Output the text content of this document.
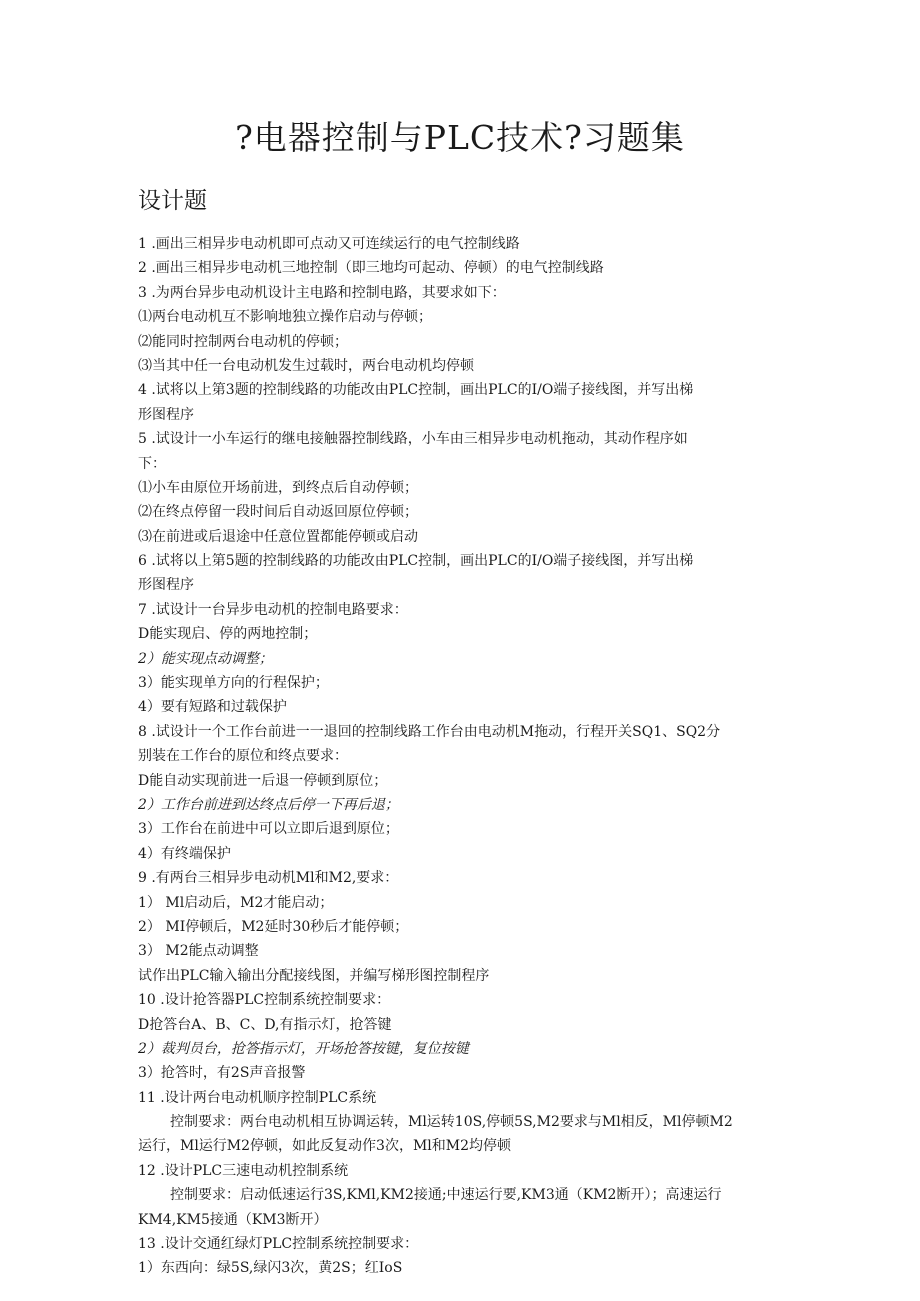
?电器控制与PLC技术?习题集
设计题
1 .画出三相异步电动机即可点动又可连续运行的电气控制线路
2 .画出三相异步电动机三地控制（即三地均可起动、停顿）的电气控制线路
3 .为两台异步电动机设计主电路和控制电路，其要求如下：
⑴两台电动机互不影响地独立操作启动与停顿；
⑵能同时控制两台电动机的停顿；
⑶当其中任一台电动机发生过载时，两台电动机均停顿
4 .试将以上第3题的控制线路的功能改由PLC控制，画出PLC的I/O端子接线图，并写出梯
形图程序
5 .试设计一小车运行的继电接触器控制线路，小车由三相异步电动机拖动，其动作程序如
下：
⑴小车由原位开场前进，到终点后自动停顿；
⑵在终点停留一段时间后自动返回原位停顿；
⑶在前进或后退途中任意位置都能停顿或启动
6 .试将以上第5题的控制线路的功能改由PLC控制，画出PLC的I/O端子接线图，并写出梯
形图程序
7 .试设计一台异步电动机的控制电路要求：
D能实现启、停的两地控制；
2）能实现点动调整；
3）能实现单方向的行程保护；
4）要有短路和过载保护
8 .试设计一个工作台前进一一退回的控制线路工作台由电动机M拖动，行程开关SQ1、SQ2分
别装在工作台的原位和终点要求：
D能自动实现前进一后退一停顿到原位；
2）工作台前进到达终点后停一下再后退；
3）工作台在前进中可以立即后退到原位；
4）有终端保护
9 .有两台三相异步电动机Ml和M2,要求：
1） Ml启动后，M2才能启动；
2） MI停顿后，M2延时30秒后才能停顿；
3） M2能点动调整
试作出PLC输入输出分配接线图，并编写梯形图控制程序
10 .设计抢答器PLC控制系统控制要求：
D抢答台A、B、C、D,有指示灯，抢答键
2）裁判员台，抢答指示灯，开场抢答按键，复位按键
3）抢答时，有2S声音报警
11 .设计两台电动机顺序控制PLC系统
控制要求：两台电动机相互协调运转，Ml运转10S,停顿5S,M2要求与Ml相反，Ml停顿M2
运行，Ml运行M2停顿，如此反复动作3次，Ml和M2均停顿
12 .设计PLC三速电动机控制系统
控制要求：启动低速运行3S,KMl,KM2接通;中速运行要,KM3通（KM2断开）；高速运行
KM4,KM5接通（KM3断开）
13 .设计交通红绿灯PLC控制系统控制要求：
1）东西向：绿5S,绿闪3次，黄2S；红IoS
